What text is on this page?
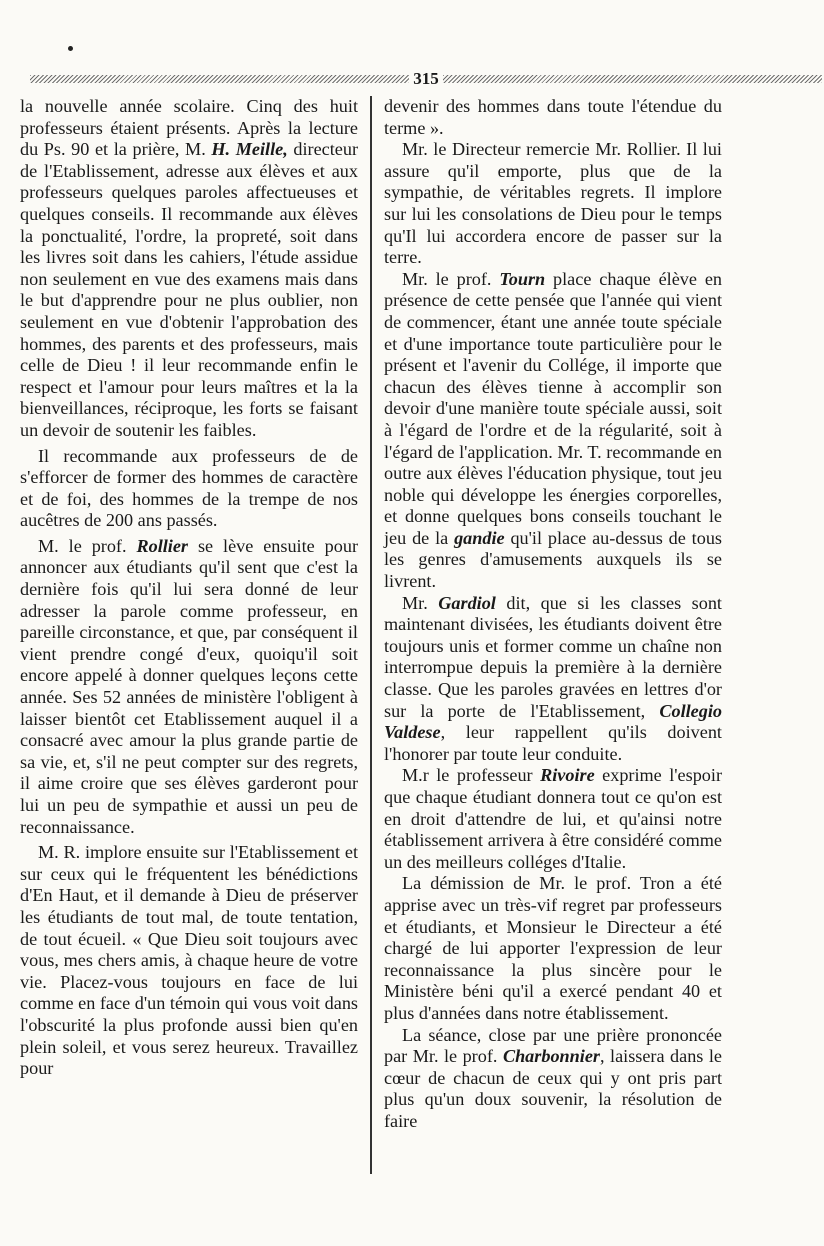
315

la nouvelle année scolaire. Cinq des huit professeurs étaient présents. Après la lecture du Ps. 90 et la prière, M. H. Meille, directeur de l'Etablissement, adresse aux élèves et aux professeurs quelques paroles affectueuses et quelques conseils. Il recommande aux élèves la ponctualité, l'ordre, la propreté, soit dans les livres soit dans les cahiers, l'étude assidue non seulement en vue des examens mais dans le but d'apprendre pour ne plus oublier, non seulement en vue d'obtenir l'approbation des hommes, des parents et des professeurs, mais celle de Dieu ! il leur recommande enfin le respect et l'amour pour leurs maîtres et la la bienveillances, réciproque, les forts se faisant un devoir de soutenir les faibles.

Il recommande aux professeurs de de s'efforcer de former des hommes de caractère et de foi, des hommes de la trempe de nos aucêtres de 200 ans passés.

M. le prof. Rollier se lève ensuite pour annoncer aux étudiants qu'il sent que c'est la dernière fois qu'il lui sera donné de leur adresser la parole comme professeur, en pareille circonstance, et que, par conséquent il vient prendre congé d'eux, quoiqu'il soit encore appelé à donner quelques leçons cette année. Ses 52 années de ministère l'obligent à laisser bientôt cet Etablissement auquel il a consacré avec amour la plus grande partie de sa vie, et, s'il ne peut compter sur des regrets, il aime croire que ses élèves garderont pour lui un peu de sympathie et aussi un peu de reconnaissance.

M. R. implore ensuite sur l'Etablissement et sur ceux qui le fréquentent les bénédictions d'En Haut, et il demande à Dieu de préserver les étudiants de tout mal, de toute tentation, de tout écueil. « Que Dieu soit toujours avec vous, mes chers amis, à chaque heure de votre vie. Placez-vous toujours en face de lui comme en face d'un témoin qui vous voit dans l'obscurité la plus profonde aussi bien qu'en plein soleil, et vous serez heureux. Travaillez pour

devenir des hommes dans toute l'étendue du terme ».

Mr. le Directeur remercie Mr. Rollier. Il lui assure qu'il emporte, plus que de la sympathie, de véritables regrets. Il implore sur lui les consolations de Dieu pour le temps qu'Il lui accordera encore de passer sur la terre.

Mr. le prof. Tourn place chaque élève en présence de cette pensée que l'année qui vient de commencer, étant une année toute spéciale et d'une importance toute particulière pour le présent et l'avenir du Collége, il importe que chacun des élèves tienne à accomplir son devoir d'une manière toute spéciale aussi, soit à l'égard de l'ordre et de la régularité, soit à l'égard de l'application. Mr. T. recommande en outre aux élèves l'éducation physique, tout jeu noble qui développe les énergies corporelles, et donne quelques bons conseils touchant le jeu de la gandie qu'il place au-dessus de tous les genres d'amusements auxquels ils se livrent.

Mr. Gardiol dit, que si les classes sont maintenant divisées, les étudiants doivent être toujours unis et former comme un chaîne non interrompue depuis la première à la dernière classe. Que les paroles gravées en lettres d'or sur la porte de l'Etablissement, Collegio Valdese, leur rappellent qu'ils doivent l'honorer par toute leur conduite.

M.r le professeur Rivoire exprime l'espoir que chaque étudiant donnera tout ce qu'on est en droit d'attendre de lui, et qu'ainsi notre établissement arrivera à être considéré comme un des meilleurs colléges d'Italie.

La démission de Mr. le prof. Tron a été apprise avec un très-vif regret par professeurs et étudiants, et Monsieur le Directeur a été chargé de lui apporter l'expression de leur reconnaissance la plus sincère pour le Ministère béni qu'il a exercé pendant 40 et plus d'années dans notre établissement.

La séance, close par une prière prononcée par Mr. le prof. Charbonnier, laissera dans le cœur de chacun de ceux qui y ont pris part plus qu'un doux souvenir, la résolution de faire
